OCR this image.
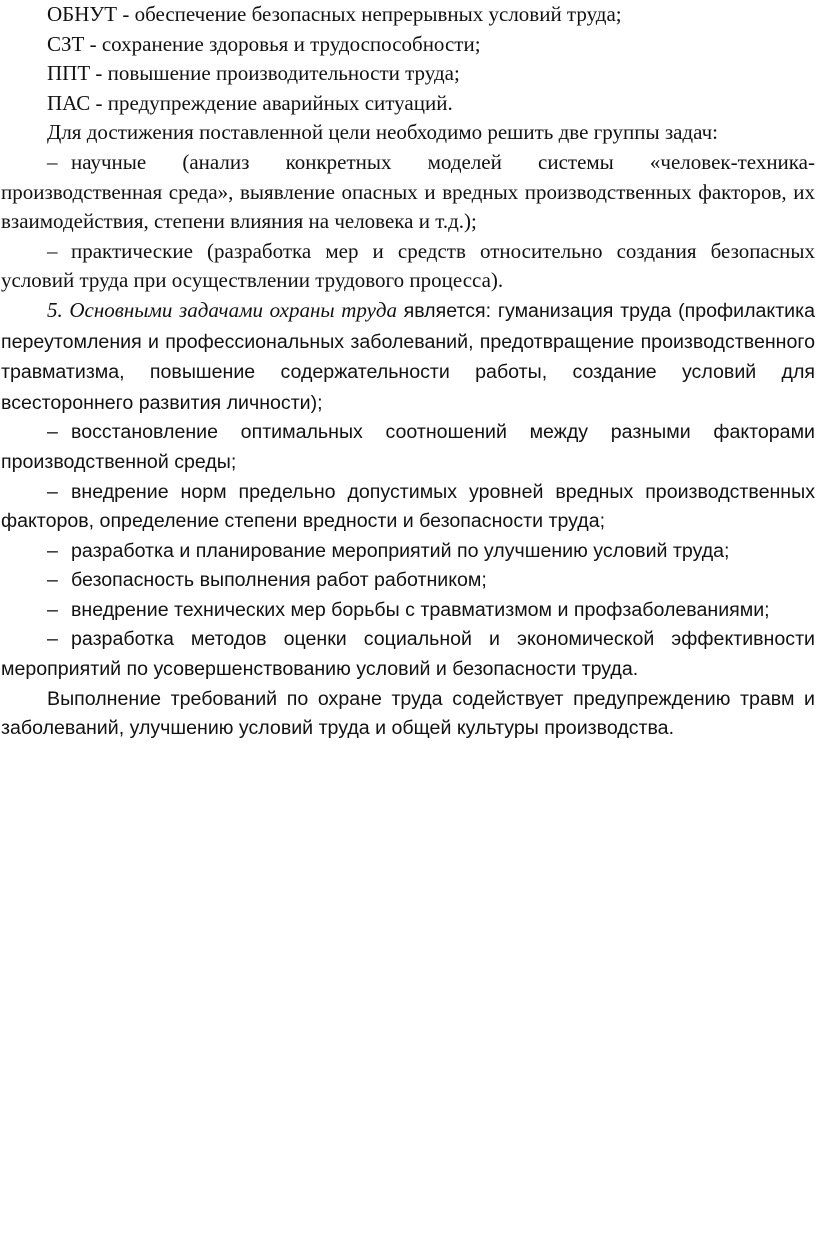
ОБНУТ - обеспечение безопасных непрерывных условий труда;

СЗТ - сохранение здоровья и трудоспособности;

ППТ - повышение производительности труда;

ПАС - предупреждение аварийных ситуаций.

Для достижения поставленной цели необходимо решить две группы задач:

– научные (анализ конкретных моделей системы «человек-техника-производственная среда», выявление опасных и вредных производственных факторов, их взаимодействия, степени влияния на человека и т.д.);

– практические (разработка мер и средств относительно создания безопасных условий труда при осуществлении трудового процесса).

5. Основными задачами охраны труда является: гуманизация труда (профилактика переутомления и профессиональных заболеваний, предотвращение производственного травматизма, повышение содержательности работы, создание условий для всестороннего развития личности);

– восстановление оптимальных соотношений между разными факторами производственной среды;

– внедрение норм предельно допустимых уровней вредных производственных факторов, определение степени вредности и безопасности труда;

– разработка и планирование мероприятий по улучшению условий труда;

– безопасность выполнения работ работником;

– внедрение технических мер борьбы с травматизмом и профзаболеваниями;

– разработка методов оценки социальной и экономической эффективности мероприятий по усовершенствованию условий и безопасности труда.

Выполнение требований по охране труда содействует предупреждению травм и заболеваний, улучшению условий труда и общей культуры производства.
